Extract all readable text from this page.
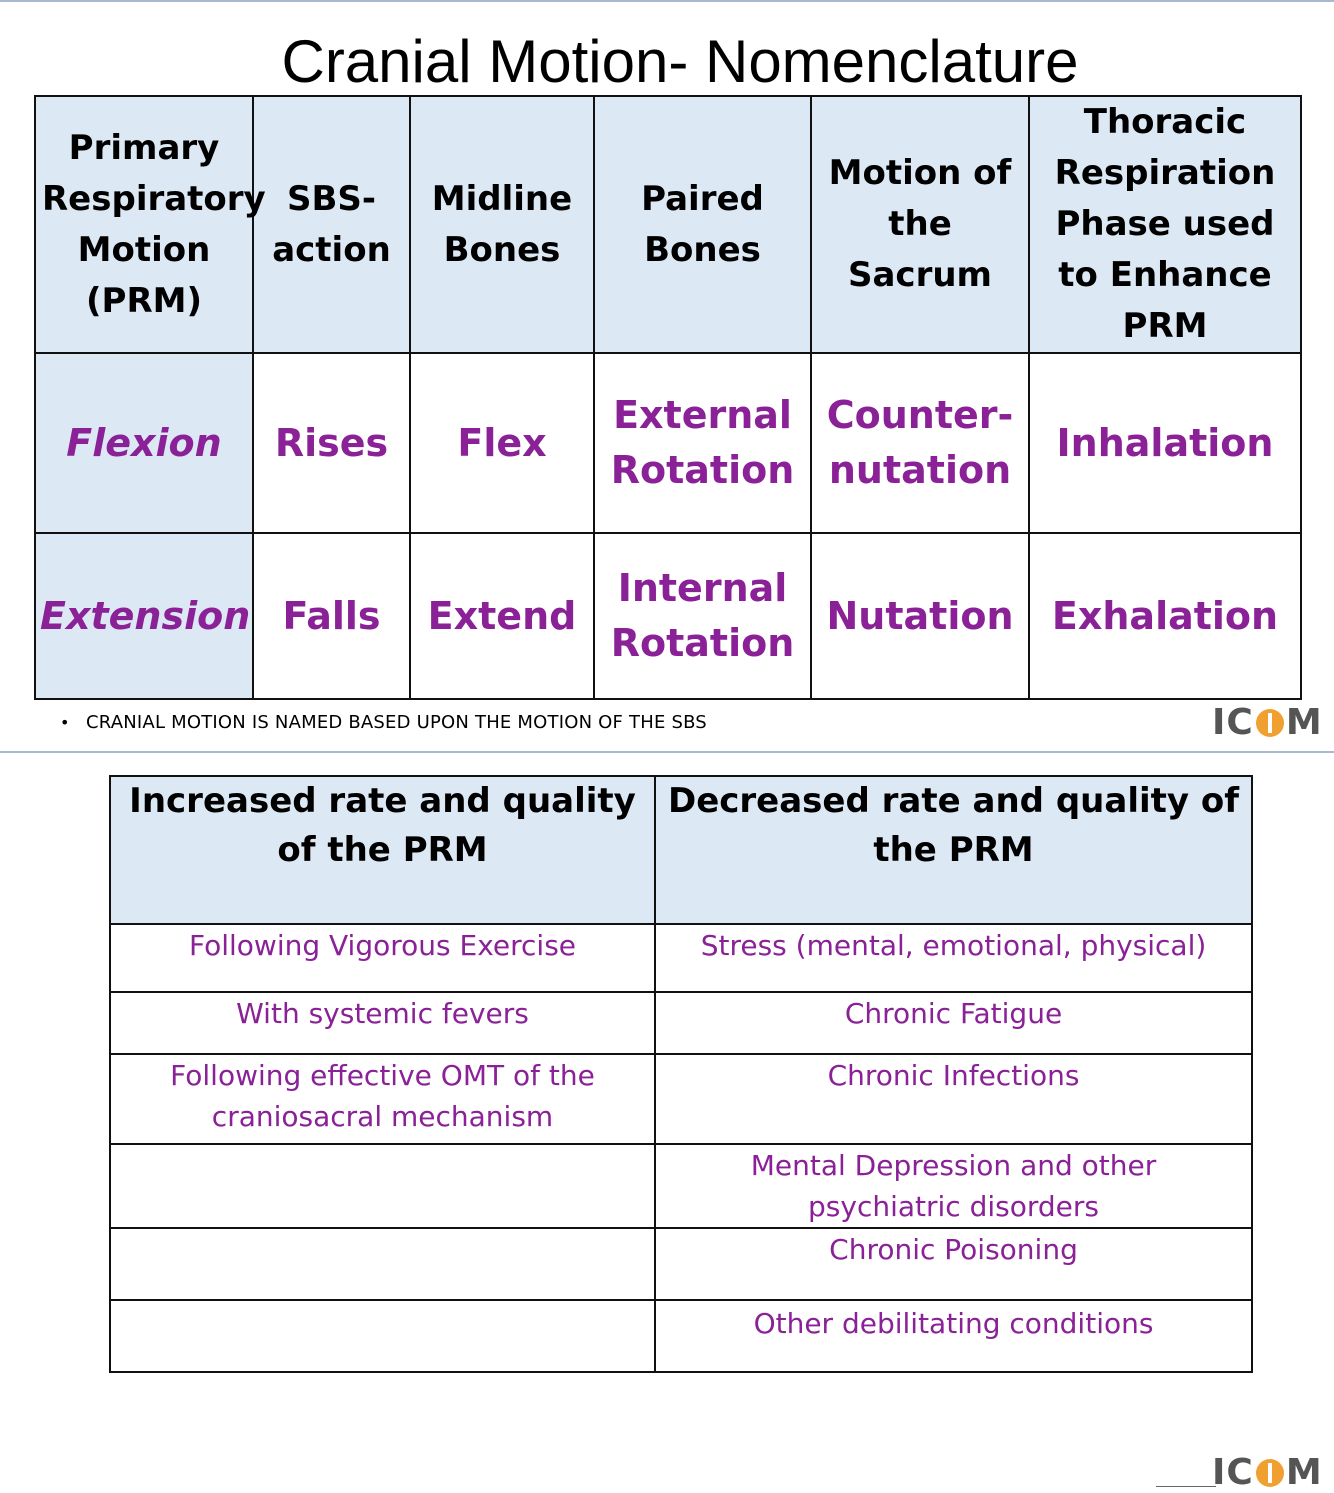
Cranial Motion- Nomenclature
Primary Respiratory Motion (PRM)	SBS-action	Midline Bones	Paired Bones	Motion of the Sacrum	Thoracic Respiration Phase used to Enhance PRM
Flexion	Rises	Flex	External Rotation	Counter-nutation	Inhalation
Extension	Falls	Extend	Internal Rotation	Nutation	Exhalation
• CRANIAL MOTION IS NAMED BASED UPON THE MOTION OF THE SBS	IC M
Increased rate and quality of the PRM	Decreased rate and quality of the PRM
Following Vigorous Exercise	Stress (mental, emotional, physical)
With systemic fevers	Chronic Fatigue
Following effective OMT of the craniosacral mechanism	Chronic Infections
	Mental Depression and other psychiatric disorders
	Chronic Poisoning
	Other debilitating conditions
IC M
